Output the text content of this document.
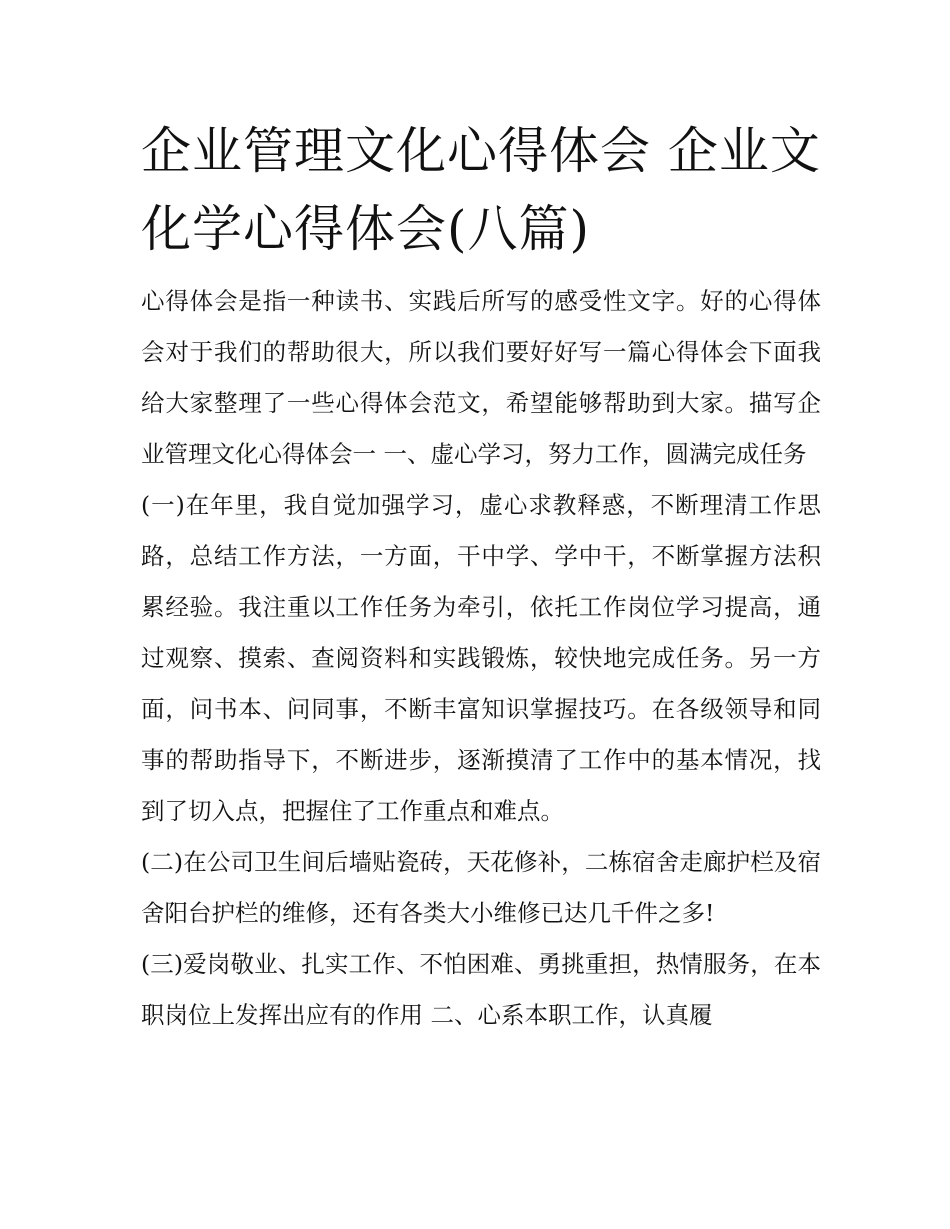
企业管理文化心得体会 企业文化学心得体会(八篇)

心得体会是指一种读书、实践后所写的感受性文字。好的心得体会对于我们的帮助很大，所以我们要好好写一篇心得体会下面我给大家整理了一些心得体会范文，希望能够帮助到大家。描写企业管理文化心得体会一 一、虚心学习，努力工作，圆满完成任务

(一)在年里，我自觉加强学习，虚心求教释惑，不断理清工作思路，总结工作方法，一方面，干中学、学中干，不断掌握方法积累经验。我注重以工作任务为牵引，依托工作岗位学习提高，通过观察、摸索、查阅资料和实践锻炼，较快地完成任务。另一方面，问书本、问同事，不断丰富知识掌握技巧。在各级领导和同事的帮助指导下，不断进步，逐渐摸清了工作中的基本情况，找到了切入点，把握住了工作重点和难点。

(二)在公司卫生间后墙贴瓷砖，天花修补，二栋宿舍走廊护栏及宿舍阳台护栏的维修，还有各类大小维修已达几千件之多!

(三)爱岗敬业、扎实工作、不怕困难、勇挑重担，热情服务，在本职岗位上发挥出应有的作用 二、心系本职工作，认真履
